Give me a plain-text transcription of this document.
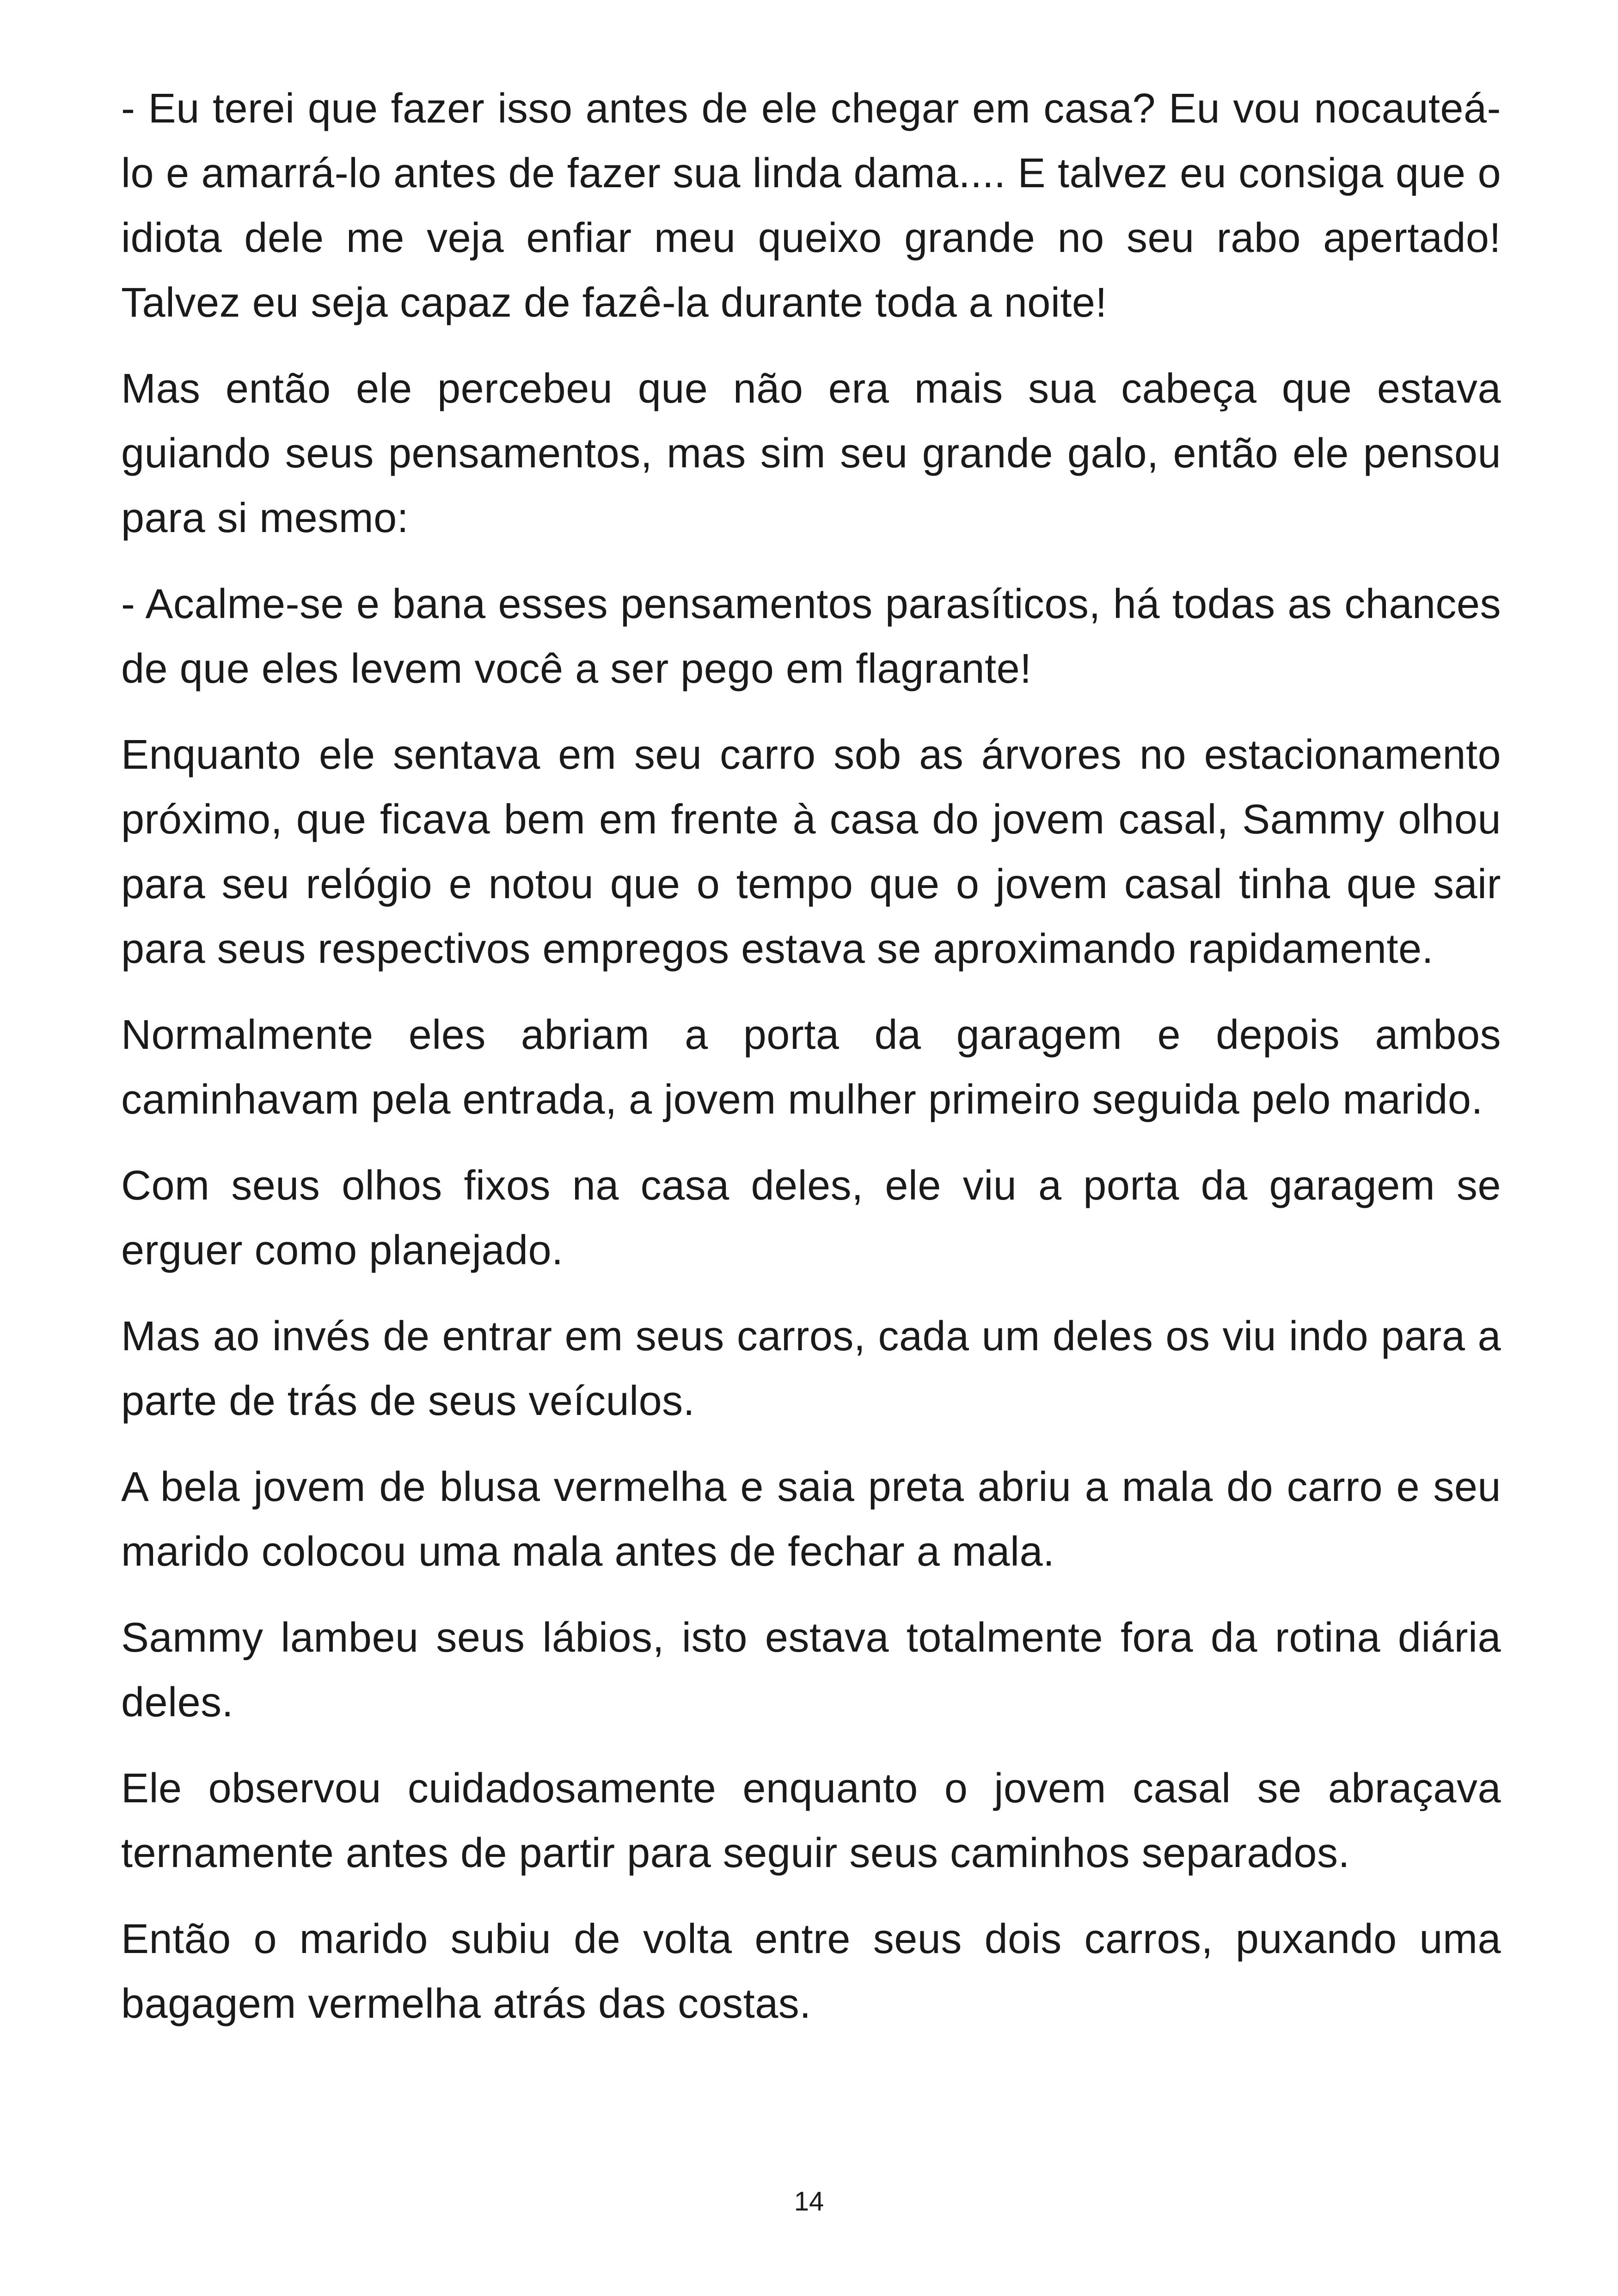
- Eu terei que fazer isso antes de ele chegar em casa? Eu vou nocauteá-lo e amarrá-lo antes de fazer sua linda dama.... E talvez eu consiga que o idiota dele me veja enfiar meu queixo grande no seu rabo apertado! Talvez eu seja capaz de fazê-la durante toda a noite!

Mas então ele percebeu que não era mais sua cabeça que estava guiando seus pensamentos, mas sim seu grande galo, então ele pensou para si mesmo:

- Acalme-se e bana esses pensamentos parasíticos, há todas as chances de que eles levem você a ser pego em flagrante!

Enquanto ele sentava em seu carro sob as árvores no estacionamento próximo, que ficava bem em frente à casa do jovem casal, Sammy olhou para seu relógio e notou que o tempo que o jovem casal tinha que sair para seus respectivos empregos estava se aproximando rapidamente.

Normalmente eles abriam a porta da garagem e depois ambos caminhavam pela entrada, a jovem mulher primeiro seguida pelo marido.

Com seus olhos fixos na casa deles, ele viu a porta da garagem se erguer como planejado.

Mas ao invés de entrar em seus carros, cada um deles os viu indo para a parte de trás de seus veículos.

A bela jovem de blusa vermelha e saia preta abriu a mala do carro e seu marido colocou uma mala antes de fechar a mala.

Sammy lambeu seus lábios, isto estava totalmente fora da rotina diária deles.

Ele observou cuidadosamente enquanto o jovem casal se abraçava ternamente antes de partir para seguir seus caminhos separados.

Então o marido subiu de volta entre seus dois carros, puxando uma bagagem vermelha atrás das costas.

14
